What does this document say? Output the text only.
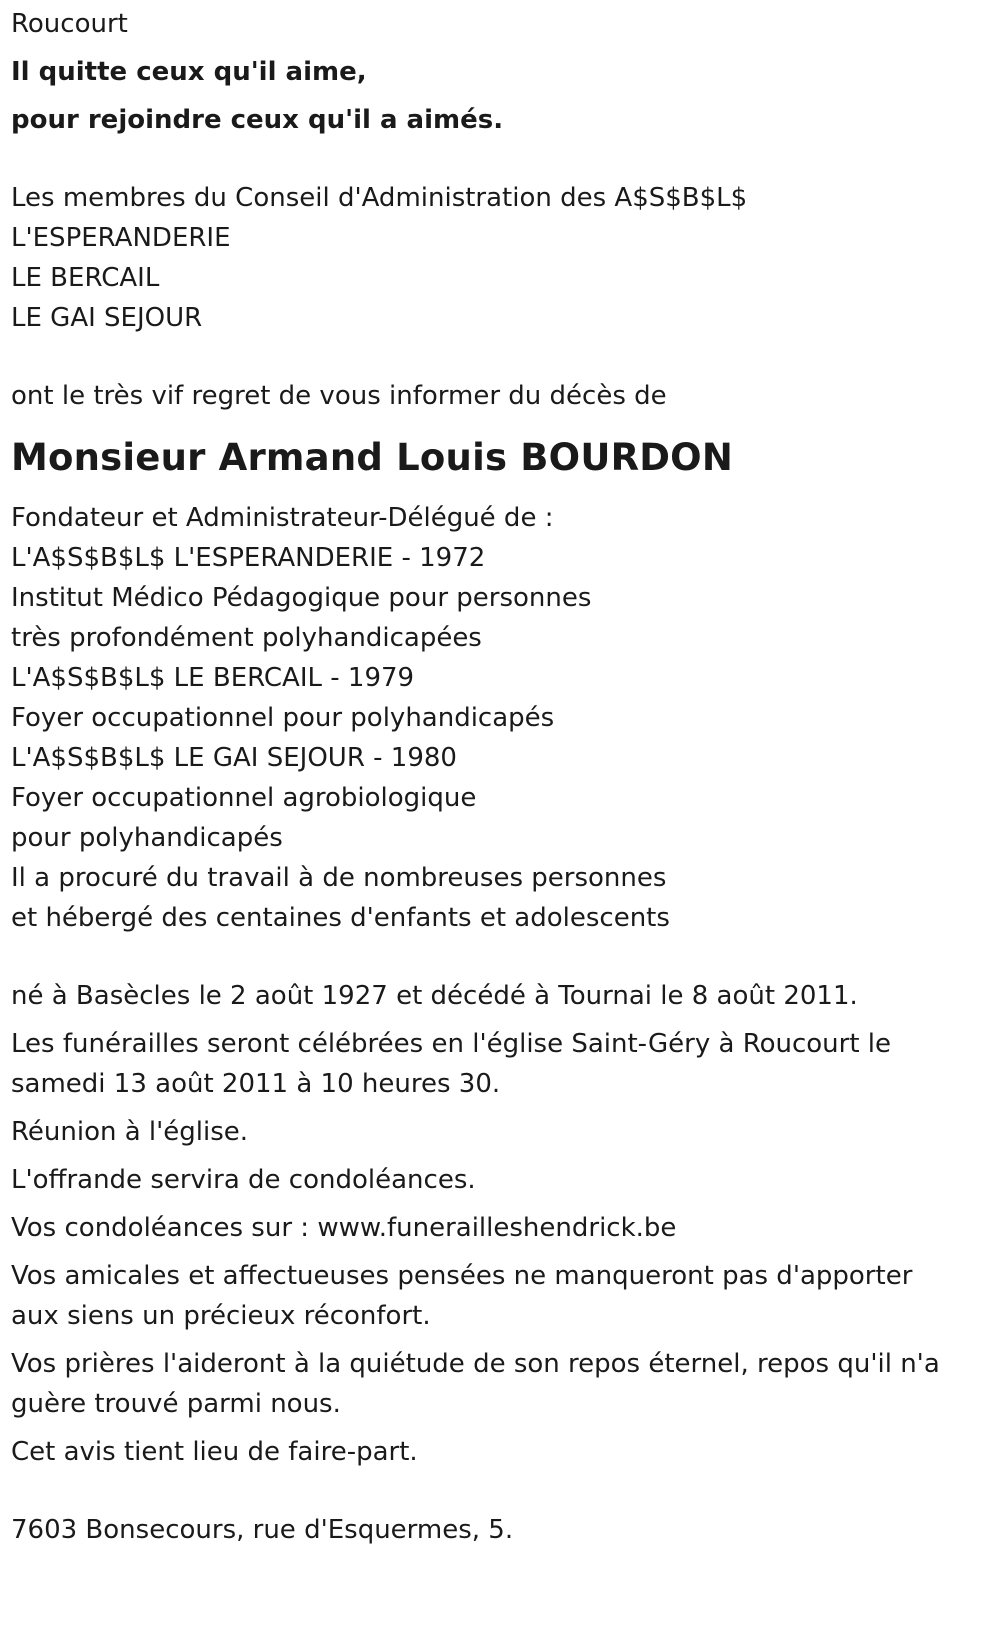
Roucourt
Il quitte ceux qu'il aime,
pour rejoindre ceux qu'il a aimés.
Les membres du Conseil d'Administration des A$S$B$L$
L'ESPERANDERIE
LE BERCAIL
LE GAI SEJOUR
ont le très vif regret de vous informer du décès de
Monsieur Armand Louis BOURDON
Fondateur et Administrateur-Délégué de :
L'A$S$B$L$ L'ESPERANDERIE - 1972
Institut Médico Pédagogique pour personnes
très profondément polyhandicapées
L'A$S$B$L$ LE BERCAIL - 1979
Foyer occupationnel pour polyhandicapés
L'A$S$B$L$ LE GAI SEJOUR - 1980
Foyer occupationnel agrobiologique
pour polyhandicapés
Il a procuré du travail à de nombreuses personnes
et hébergé des centaines d'enfants et adolescents
né à Basècles le 2 août 1927 et décédé à Tournai le 8 août 2011.
Les funérailles seront célébrées en l'église Saint-Géry à Roucourt le
samedi 13 août 2011 à 10 heures 30.
Réunion à l'église.
L'offrande servira de condoléances.
Vos condoléances sur : www.funerailleshendrick.be
Vos amicales et affectueuses pensées ne manqueront pas d'apporter
aux siens un précieux réconfort.
Vos prières l'aideront à la quiétude de son repos éternel, repos qu'il n'a
guère trouvé parmi nous.
Cet avis tient lieu de faire-part.
7603 Bonsecours, rue d'Esquermes, 5.
